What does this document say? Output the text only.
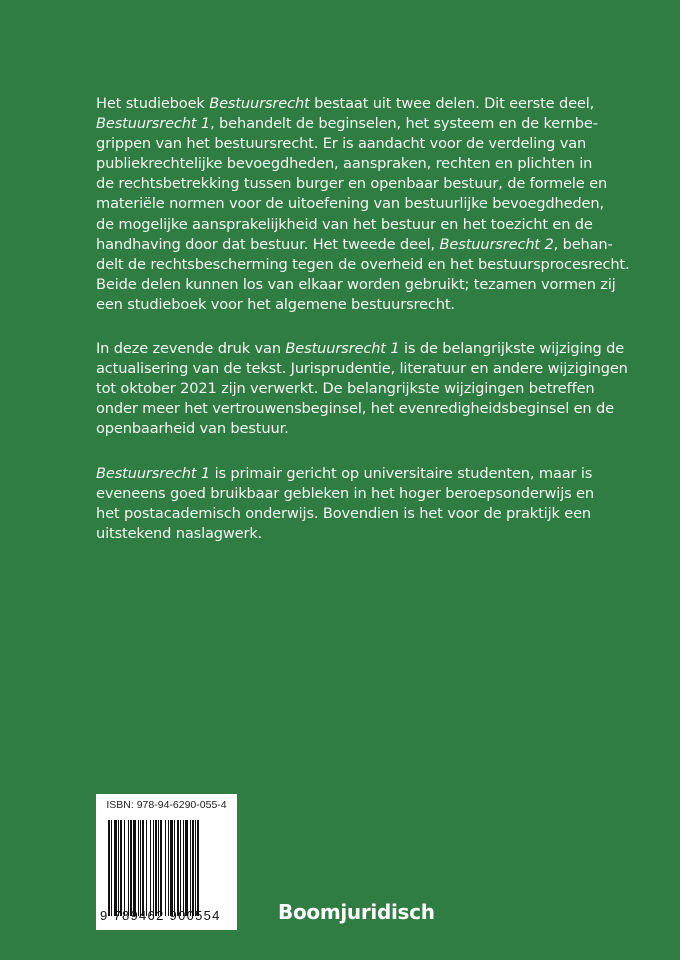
Het studieboek Bestuursrecht bestaat uit twee delen. Dit eerste deel,
Bestuursrecht 1, behandelt de beginselen, het systeem en de kernbe-
grippen van het bestuursrecht. Er is aandacht voor de verdeling van
publiekrechtelijke bevoegdheden, aanspraken, rechten en plichten in
de rechtsbetrekking tussen burger en openbaar bestuur, de formele en
materiële normen voor de uitoefening van bestuurlijke bevoegdheden,
de mogelijke aansprakelijkheid van het bestuur en het toezicht en de
handhaving door dat bestuur. Het tweede deel, Bestuursrecht 2, behan-
delt de rechtsbescherming tegen de overheid en het bestuursprocesrecht.
Beide delen kunnen los van elkaar worden gebruikt; tezamen vormen zij
een studieboek voor het algemene bestuursrecht.
In deze zevende druk van Bestuursrecht 1 is de belangrijkste wijziging de
actualisering van de tekst. Jurisprudentie, literatuur en andere wijzigingen
tot oktober 2021 zijn verwerkt. De belangrijkste wijzigingen betreffen
onder meer het vertrouwensbeginsel, het evenredigheidsbeginsel en de
openbaarheid van bestuur.
Bestuursrecht 1 is primair gericht op universitaire studenten, maar is
eveneens goed bruikbaar gebleken in het hoger beroepsonderwijs en
het postacademisch onderwijs. Bovendien is het voor de praktijk een
uitstekend naslagwerk.
ISBN: 978-94-6290-055-4
9 789462 900554	Boomjuridisch
